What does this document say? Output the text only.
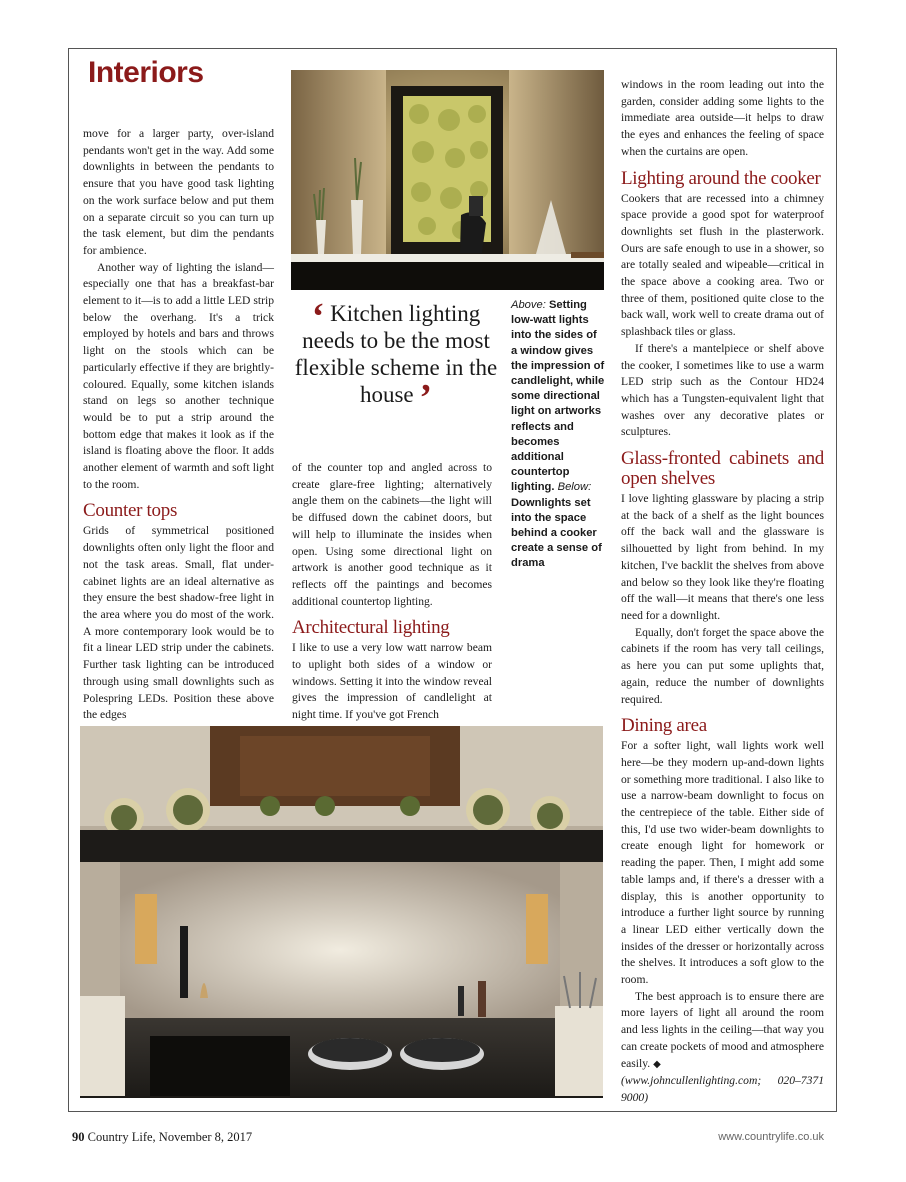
Interiors

move for a larger party, over-island pendants won't get in the way. Add some downlights in between the pendants to ensure that you have good task lighting on the work surface below and put them on a separate circuit so you can turn up the task element, but dim the pendants for ambience.

Another way of lighting the island—especially one that has a breakfast-bar element to it—is to add a little LED strip below the overhang. It's a trick employed by hotels and bars and throws light on the stools which can be particularly effective if they are brightly-coloured. Equally, some kitchen islands stand on legs so another technique would be to put a strip around the bottom edge that makes it look as if the island is floating above the floor. It adds another element of warmth and soft light to the room.

Counter tops

Grids of symmetrical positioned downlights often only light the floor and not the task areas. Small, flat under-cabinet lights are an ideal alternative as they ensure the best shadow-free light in the area where you do most of the work. A more contemporary look would be to fit a linear LED strip under the cabinets. Further task lighting can be introduced through using small downlights such as Polespring LEDs. Position these above the edges

‘ Kitchen lighting needs to be the most flexible scheme in the house ’
Above: Setting low-watt lights into the sides of a window gives the impression of candlelight, while some directional light on artworks reflects and becomes additional countertop lighting. Below: Downlights set into the space behind a cooker create a sense of drama

of the counter top and angled across to create glare-free lighting; alternatively angle them on the cabinets—the light will be diffused down the cabinet doors, but will help to illuminate the insides when open. Using some directional light on artwork is another good technique as it reflects off the paintings and becomes additional countertop lighting.

Architectural lighting

I like to use a very low watt narrow beam to uplight both sides of a window or windows. Setting it into the window reveal gives the impression of candlelight at night time. If you've got French

windows in the room leading out into the garden, consider adding some lights to the immediate area outside—it helps to draw the eyes and enhances the feeling of space when the curtains are open.

Lighting around the cooker

Cookers that are recessed into a chimney space provide a good spot for waterproof downlights set flush in the plasterwork. Ours are safe enough to use in a shower, so are totally sealed and wipeable—critical in the space above a cooking area. Two or three of them, positioned quite close to the back wall, work well to create drama out of splashback tiles or glass.

If there's a mantelpiece or shelf above the cooker, I sometimes like to use a warm LED strip such as the Contour HD24 which has a Tungsten-equivalent light that washes over any decorative plates or sculptures.

Glass-fronted cabinets and open shelves

I love lighting glassware by placing a strip at the back of a shelf as the light bounces off the back wall and the glassware is silhouetted by light from behind. In my kitchen, I've backlit the shelves from above and below so they look like they're floating off the wall—it means that there's one less need for a downlight.

Equally, don't forget the space above the cabinets if the room has very tall ceilings, as here you can put some uplights that, again, reduce the number of downlights required.

Dining area

For a softer light, wall lights work well here—be they modern up-and-down lights or something more traditional. I also like to use a narrow-beam downlight to focus on the centrepiece of the table. Either side of this, I'd use two wider-beam downlights to create enough light for homework or reading the paper. Then, I might add some table lamps and, if there's a dresser with a display, this is another opportunity to introduce a further light source by running a linear LED either vertically down the insides of the dresser or horizontally across the shelves. It introduces a soft glow to the room.

The best approach is to ensure there are more layers of light all around the room and less lights in the ceiling—that way you can create pockets of mood and atmosphere easily. ◆

(www.johncullenlighting.com; 020–7371 9000)

90 Country Life, November 8, 2017	www.countrylife.co.uk
